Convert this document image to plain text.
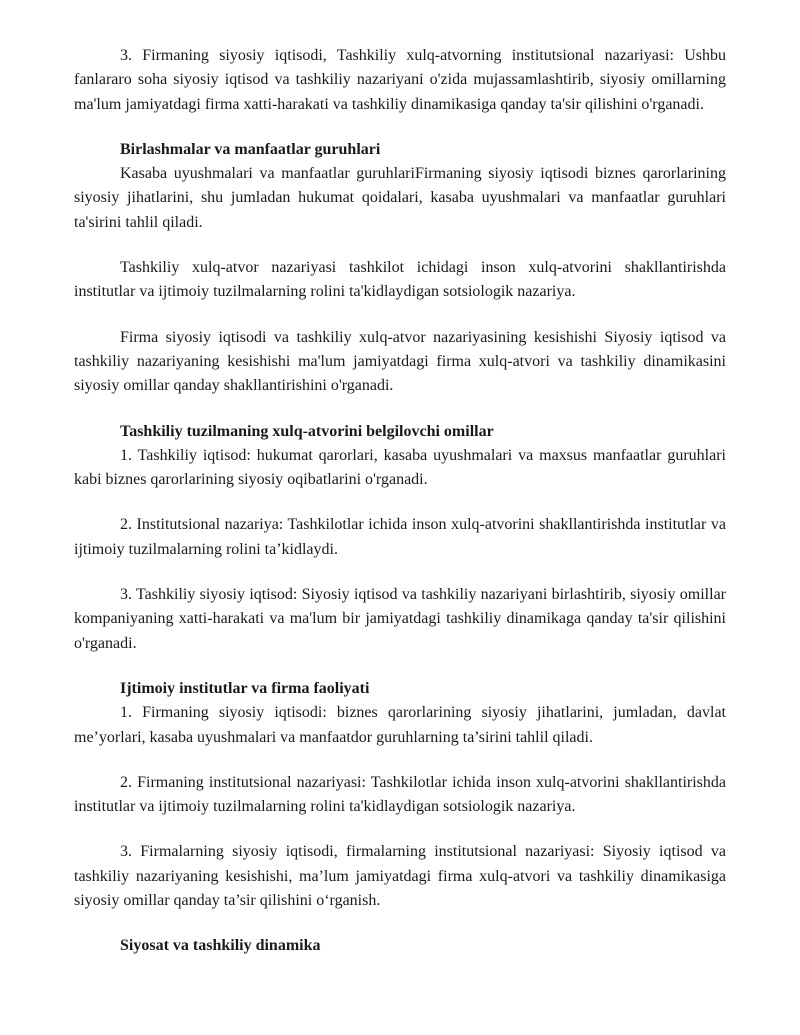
3. Firmaning siyosiy iqtisodi, Tashkiliy xulq-atvorning institutsional nazariyasi: Ushbu fanlararo soha siyosiy iqtisod va tashkiliy nazariyani o'zida mujassamlashtirib, siyosiy omillarning ma'lum jamiyatdagi firma xatti-harakati va tashkiliy dinamikasiga qanday ta'sir qilishini o'rganadi.

Birlashmalar va manfaatlar guruhlari

Kasaba uyushmalari va manfaatlar guruhlariFirmaning siyosiy iqtisodi biznes qarorlarining siyosiy jihatlarini, shu jumladan hukumat qoidalari, kasaba uyushmalari va manfaatlar guruhlari ta'sirini tahlil qiladi.

Tashkiliy xulq-atvor nazariyasi tashkilot ichidagi inson xulq-atvorini shakllantirishda institutlar va ijtimoiy tuzilmalarning rolini ta'kidlaydigan sotsiologik nazariya.

Firma siyosiy iqtisodi va tashkiliy xulq-atvor nazariyasining kesishishi Siyosiy iqtisod va tashkiliy nazariyaning kesishishi ma'lum jamiyatdagi firma xulq-atvori va tashkiliy dinamikasini siyosiy omillar qanday shakllantirishini o'rganadi.

Tashkiliy tuzilmaning xulq-atvorini belgilovchi omillar

1. Tashkiliy iqtisod: hukumat qarorlari, kasaba uyushmalari va maxsus manfaatlar guruhlari kabi biznes qarorlarining siyosiy oqibatlarini o'rganadi.

2. Institutsional nazariya: Tashkilotlar ichida inson xulq-atvorini shakllantirishda institutlar va ijtimoiy tuzilmalarning rolini ta’kidlaydi.

3. Tashkiliy siyosiy iqtisod: Siyosiy iqtisod va tashkiliy nazariyani birlashtirib, siyosiy omillar kompaniyaning xatti-harakati va ma'lum bir jamiyatdagi tashkiliy dinamikaga qanday ta'sir qilishini o'rganadi.

Ijtimoiy institutlar va firma faoliyati

1. Firmaning siyosiy iqtisodi: biznes qarorlarining siyosiy jihatlarini, jumladan, davlat me’yorlari, kasaba uyushmalari va manfaatdor guruhlarning ta’sirini tahlil qiladi.

2. Firmaning institutsional nazariyasi: Tashkilotlar ichida inson xulq-atvorini shakllantirishda institutlar va ijtimoiy tuzilmalarning rolini ta'kidlaydigan sotsiologik nazariya.

3. Firmalarning siyosiy iqtisodi, firmalarning institutsional nazariyasi: Siyosiy iqtisod va tashkiliy nazariyaning kesishishi, ma’lum jamiyatdagi firma xulq-atvori va tashkiliy dinamikasiga siyosiy omillar qanday ta’sir qilishini o‘rganish.

Siyosat va tashkiliy dinamika
